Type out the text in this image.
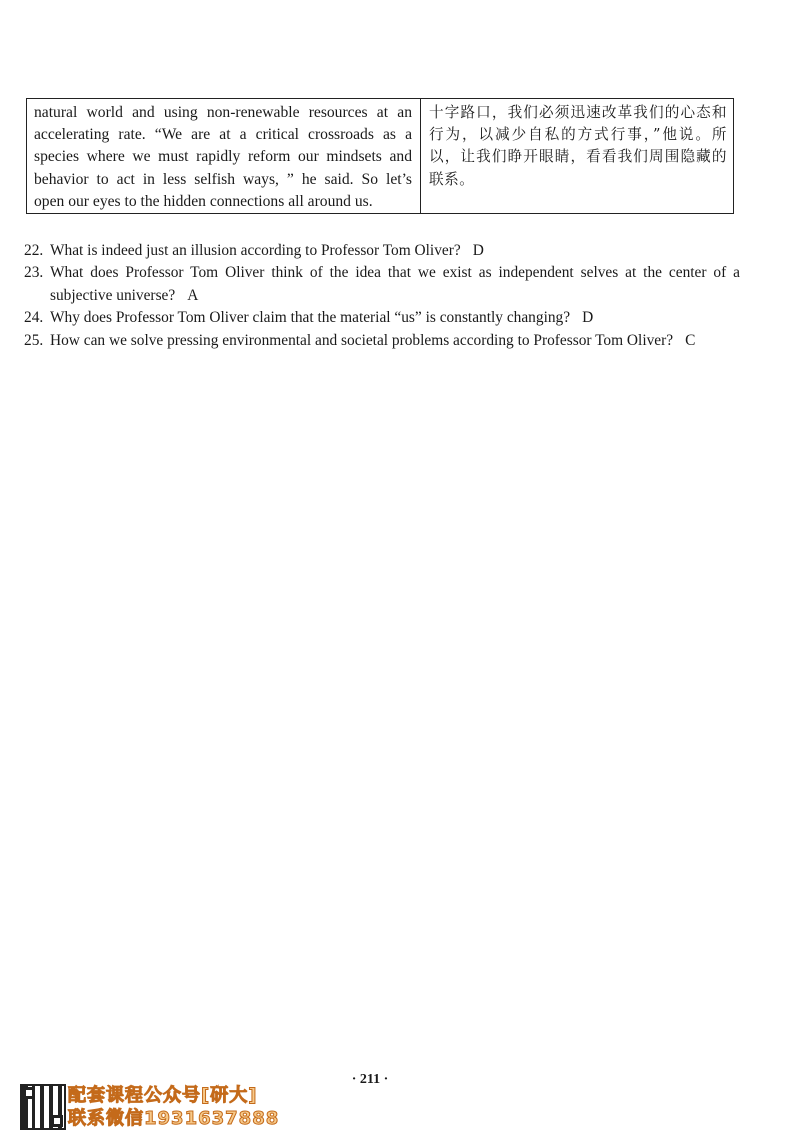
natural world and using non-renewable resources at an
accelerating rate. “We are at a critical crossroads as a
species where we must rapidly reform our mindsets and
behavior to act in less selfish ways, ” he said. So let’s
open our eyes to the hidden connections all around us.
十字路口，我们必须迅速改革我们的心态和行为，以减少自私的方式行事，”他说。所以，让我们睁开眼睛，看看我们周围隐藏的联系。
22. What is indeed just an illusion according to Professor Tom Oliver? D
23. What does Professor Tom Oliver think of the idea that we exist as independent selves at the center of a subjective universe? A
24. Why does Professor Tom Oliver claim that the material “us” is constantly changing? D
25. How can we solve pressing environmental and societal problems according to Professor Tom Oliver? C
· 211 ·
配套课程公众号[研大]
联系微信1931637888
